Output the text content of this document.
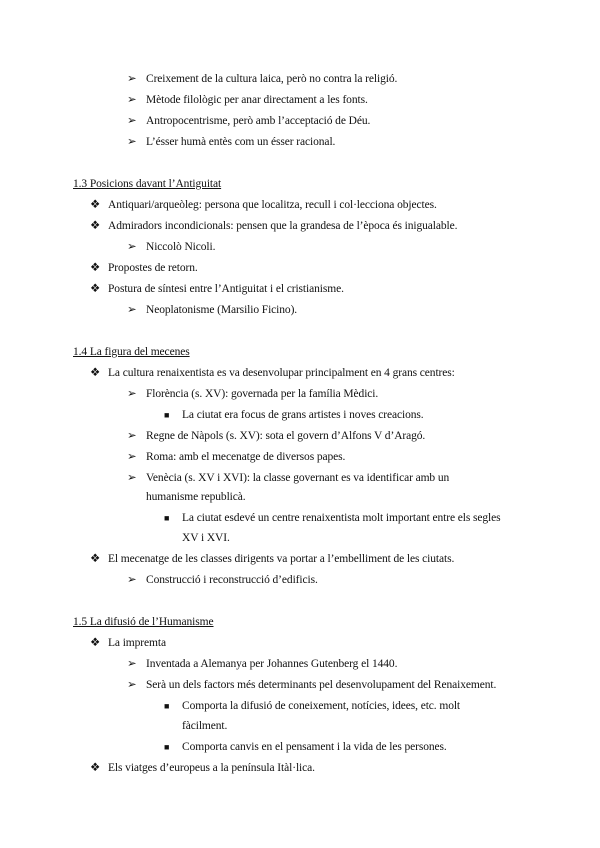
➢ Creixement de la cultura laica, però no contra la religió.
➢ Mètode filològic per anar directament a les fonts.
➢ Antropocentrisme, però amb l’acceptació de Déu.
➢ L’ésser humà entès com un ésser racional.
1.3 Posicions davant l’Antiguitat
❖ Antiquari/arqueòleg: persona que localitza, recull i col·lecciona objectes.
❖ Admiradors incondicionals: pensen que la grandesa de l’època és inigualable.
➢ Niccolò Nicoli.
❖ Propostes de retorn.
❖ Postura de síntesi entre l’Antiguitat i el cristianisme.
➢ Neoplatonisme (Marsilio Ficino).
1.4 La figura del mecenes
❖ La cultura renaixentista es va desenvolupar principalment en 4 grans centres:
➢ Florència (s. XV): governada per la família Mèdici.
■ La ciutat era focus de grans artistes i noves creacions.
➢ Regne de Nàpols (s. XV): sota el govern d’Alfons V d’Aragó.
➢ Roma: amb el mecenatge de diversos papes.
➢ Venècia (s. XV i XVI): la classe governant es va identificar amb un
humanisme republicà.
■ La ciutat esdevé un centre renaixentista molt important entre els segles
XV i XVI.
❖ El mecenatge de les classes dirigents va portar a l’embelliment de les ciutats.
➢ Construcció i reconstrucció d’edificis.
1.5 La difusió de l’Humanisme
❖ La impremta
➢ Inventada a Alemanya per Johannes Gutenberg el 1440.
➢ Serà un dels factors més determinants pel desenvolupament del Renaixement.
■ Comporta la difusió de coneixement, notícies, idees, etc. molt
fàcilment.
■ Comporta canvis en el pensament i la vida de les persones.
❖ Els viatges d’europeus a la península Itàl·lica.
